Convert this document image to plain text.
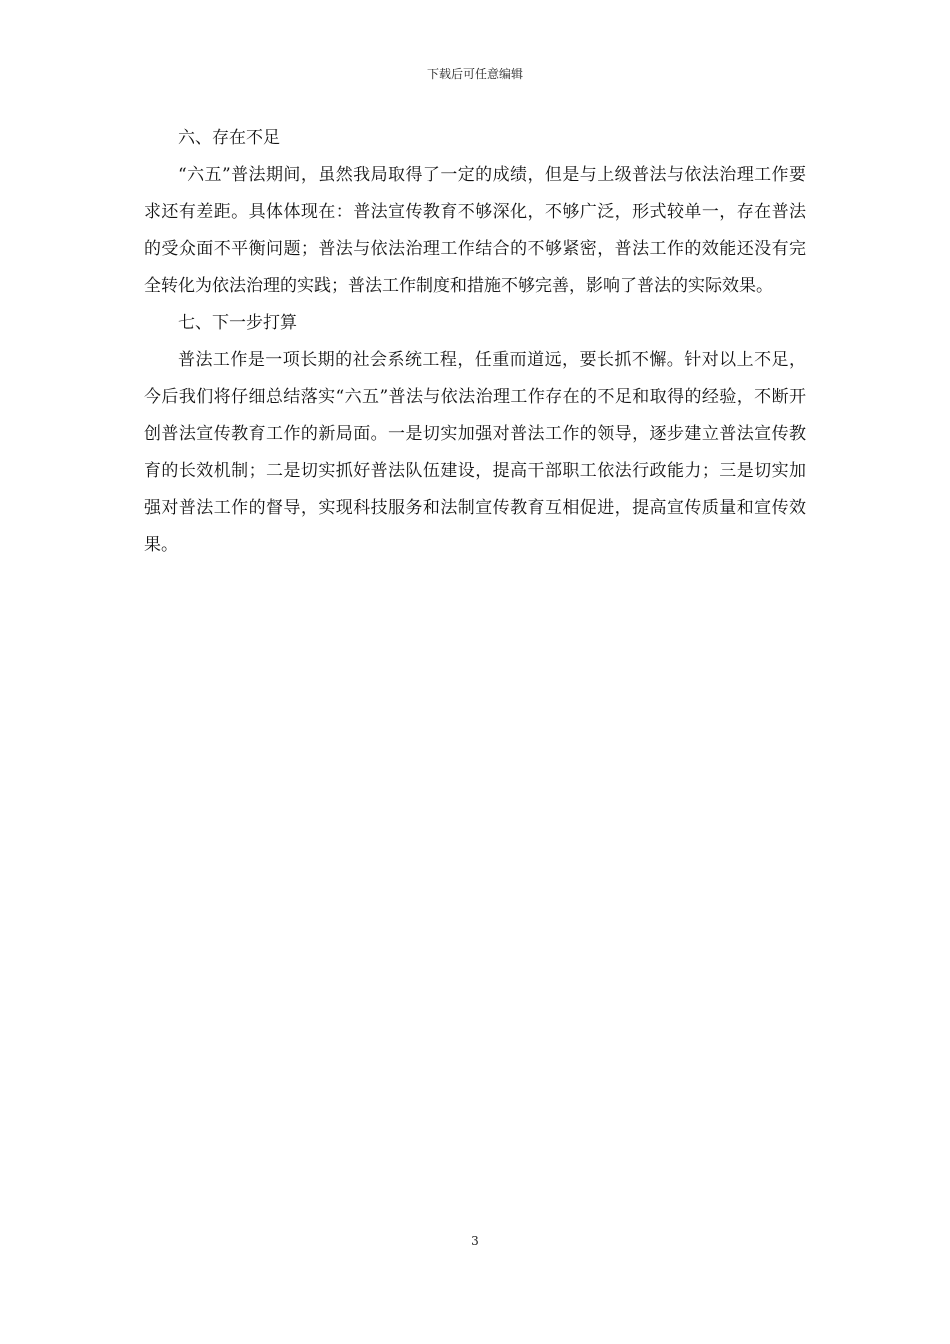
下载后可任意编辑
六、存在不足

“六五”普法期间，虽然我局取得了一定的成绩，但是与上级普法与依法治理工作要求还有差距。具体体现在：普法宣传教育不够深化，不够广泛，形式较单一，存在普法的受众面不平衡问题；普法与依法治理工作结合的不够紧密，普法工作的效能还没有完全转化为依法治理的实践；普法工作制度和措施不够完善，影响了普法的实际效果。

七、下一步打算

普法工作是一项长期的社会系统工程，任重而道远，要长抓不懈。针对以上不足，今后我们将仔细总结落实“六五”普法与依法治理工作存在的不足和取得的经验，不断开创普法宣传教育工作的新局面。一是切实加强对普法工作的领导，逐步建立普法宣传教育的长效机制；二是切实抓好普法队伍建设，提高干部职工依法行政能力；三是切实加强对普法工作的督导，实现科技服务和法制宣传教育互相促进，提高宣传质量和宣传效果。

3
